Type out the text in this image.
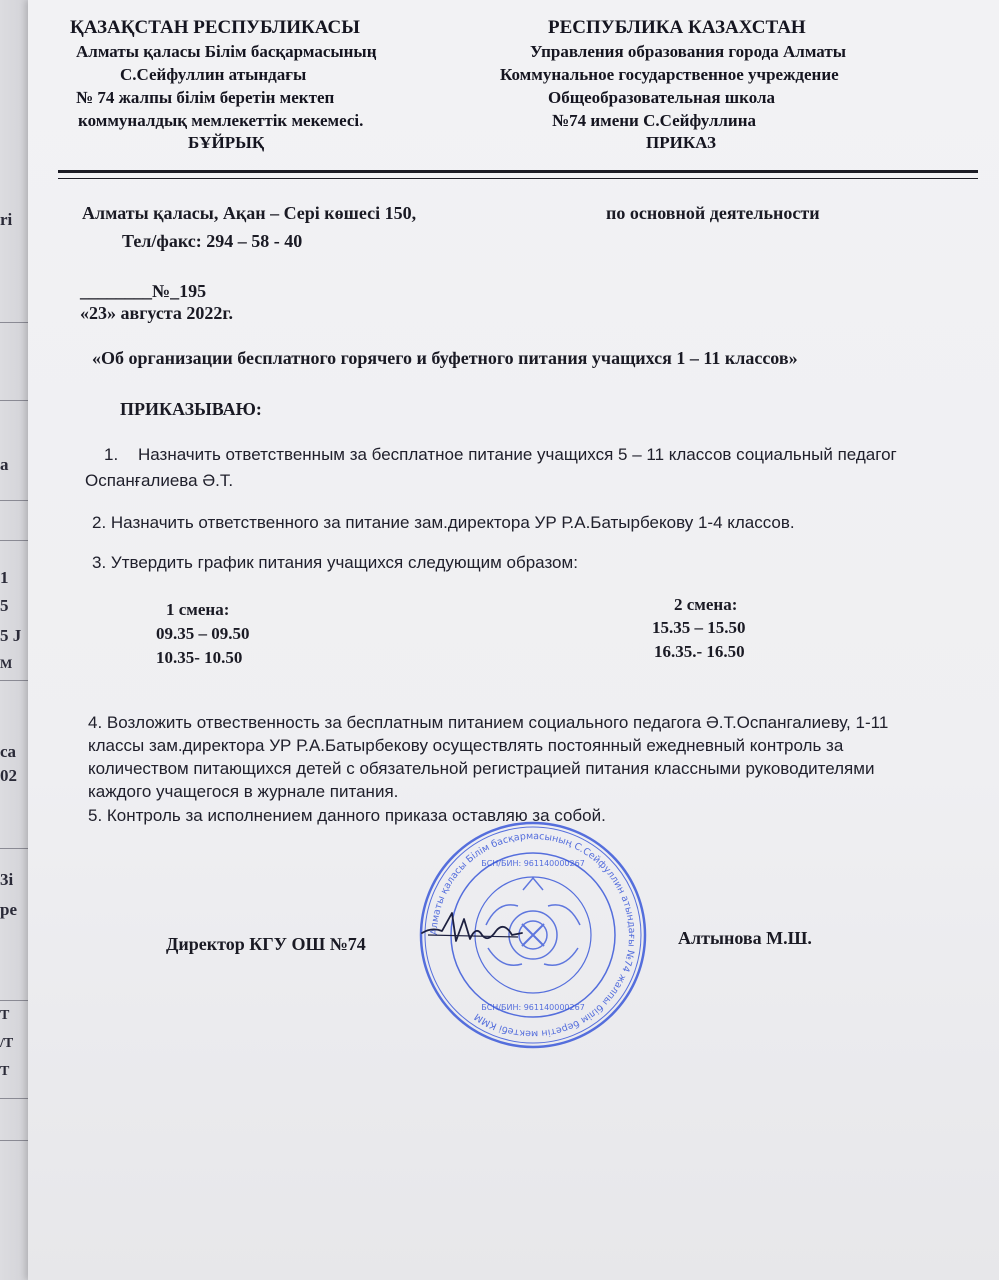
ri
a
1
5
5 J
M
ca
02
3i
pe
T
/T
T
ҚАЗАҚСТАН РЕСПУБЛИКАСЫ
Алматы қаласы Білім басқармасының
С.Сейфуллин атындағы
№ 74 жалпы білім беретін мектеп
коммуналдық мемлекеттік мекемесі.
БҰЙРЫҚ
РЕСПУБЛИКА КАЗАХСТАН
Управления образования города Алматы
Коммунальное государственное учреждение
Общеобразовательная школа
№74 имени С.Сейфуллина
ПРИКАЗ
Алматы қаласы, Ақан – Сері көшесі 150,
Тел/факс: 294 – 58 - 40
по основной деятельности
________№_195
«23» августа 2022г.
«Об организации бесплатного горячего и буфетного питания учащихся 1 – 11 классов»
ПРИКАЗЫВАЮ:
1. Назначить ответственным за бесплатное питание учащихся 5 – 11 классов социальный педагог
Оспанғалиева Ә.Т.
2. Назначить ответственного за питание зам.директора УР Р.А.Батырбекову 1-4 классов.
3. Утвердить график питания учащихся следующим образом:
1 смена:
09.35 – 09.50
10.35- 10.50
2 смена:
15.35 – 15.50
16.35.- 16.50
4. Возложить отвественность за бесплатным питанием социального педагога Ә.Т.Оспангалиеву, 1-11
классы зам.директора УР Р.А.Батырбекову осуществлять постоянный ежедневный контроль за
количеством питающихся детей с обязательной регистрацией питания классными руководителями
каждого учащегося в журнале питания.
5. Контроль за исполнением данного приказа оставляю за собой.
Алматы қаласы Білім басқармасының С.Сейфуллин атындағы №74 жалпы білім беретін мектебі КММ
БСН/БИН: 961140000267
БСН/БИН: 961140000267
Директор КГУ ОШ №74	Алтынова М.Ш.
